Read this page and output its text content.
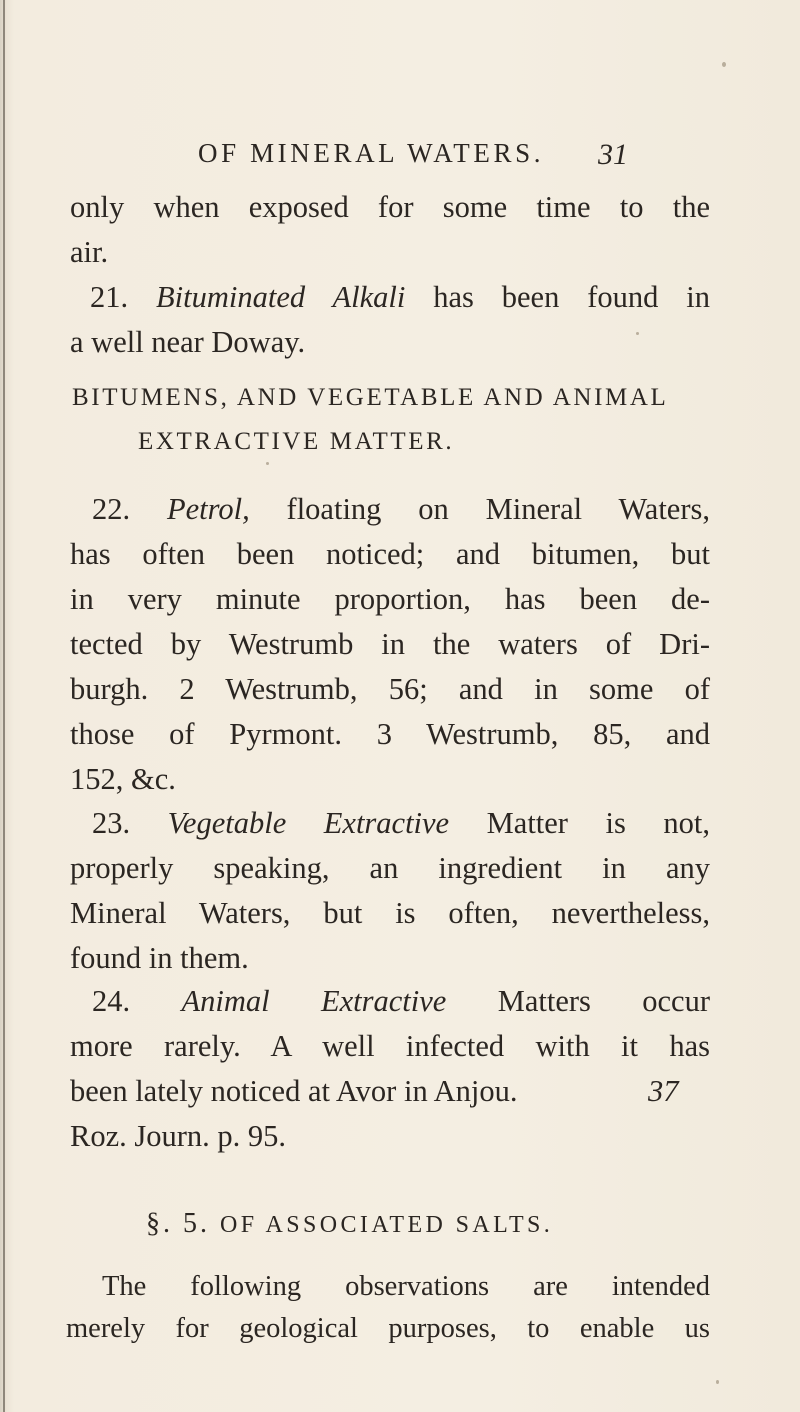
OF MINERAL WATERS. 31
only when exposed for some time to the
air.
21. Bituminated Alkali has been found in
a well near Doway.
BITUMENS, AND VEGETABLE AND ANIMAL
EXTRACTIVE MATTER.
22. Petrol, floating on Mineral Waters,
has often been noticed; and bitumen, but
in very minute proportion, has been de-
tected by Westrumb in the waters of Dri-
burgh. 2 Westrumb, 56; and in some of
those of Pyrmont. 3 Westrumb, 85, and
152, &c.
23. Vegetable Extractive Matter is not,
properly speaking, an ingredient in any
Mineral Waters, but is often, nevertheless,
found in them.
24. Animal Extractive Matters occur
more rarely. A well infected with it has
been lately noticed at Avor in Anjou.	37
Roz. Journ. p. 95.
§. 5. OF ASSOCIATED SALTS.
The following observations are intended
merely for geological purposes, to enable us
